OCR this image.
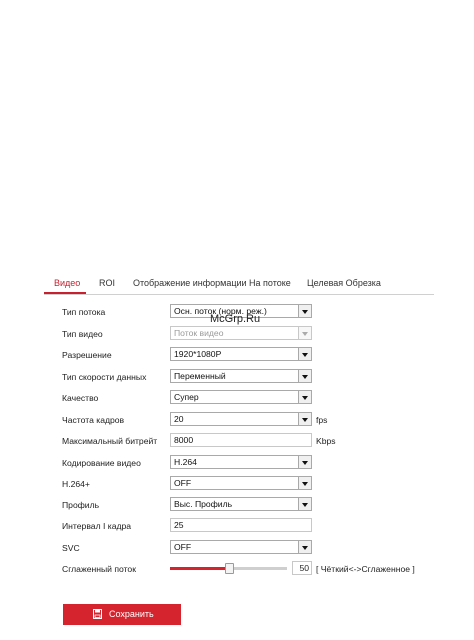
Видео ROI Отображение информации На потоке Целевая Обрезка
Тип потока	Осн. поток (норм. реж.)
Тип видео	Поток видео
Разрешение	1920*1080P
Тип скорости данных	Переменный
Качество	Супер
Частота кадров	20	fps
Максимальный битрейт 8000	Kbps
Кодирование видео	H.264
H.264+	OFF
Профиль	Выс. Профиль
Интервал I кадра	25
SVC	OFF
Сглаженный поток	50 [ Чёткий<->Сглаженное ]
Сохранить
McGrp.Ru
